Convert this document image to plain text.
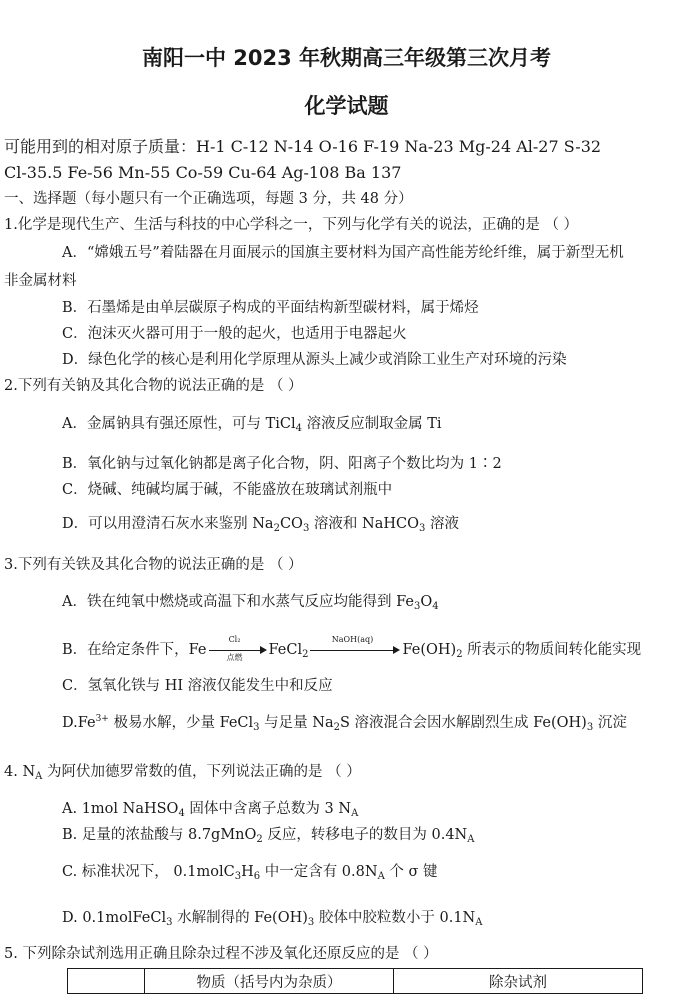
南阳一中 2023 年秋期高三年级第三次月考
化学试题
可能用到的相对原子质量：H-1 C-12 N-14 O-16 F-19 Na-23 Mg-24 Al-27 S-32
Cl-35.5 Fe-56 Mn-55 Co-59 Cu-64 Ag-108 Ba 137
一、选择题（每小题只有一个正确选项，每题 3 分，共 48 分）
1.化学是现代生产、生活与科技的中心学科之一，下列与化学有关的说法，正确的是 （ ）
A．“嫦娥五号”着陆器在月面展示的国旗主要材料为国产高性能芳纶纤维，属于新型无机
非金属材料
B．石墨烯是由单层碳原子构成的平面结构新型碳材料，属于烯烃
C．泡沫灭火器可用于一般的起火，也适用于电器起火
D．绿色化学的核心是利用化学原理从源头上减少或消除工业生产对环境的污染
2.下列有关钠及其化合物的说法正确的是 （ ）
A．金属钠具有强还原性，可与 TiCl$_4$ 溶液反应制取金属 Ti
B．氧化钠与过氧化钠都是离子化合物，阴、阳离子个数比均为 1∶2
C．烧碱、纯碱均属于碱，不能盛放在玻璃试剂瓶中
D．可以用澄清石灰水来鉴别 $Na_2CO_3$ 溶液和 NaHCO$_3$ 溶液
3.下列有关铁及其化合物的说法正确的是 （ ）
A．铁在纯氧中燃烧或高温下和水蒸气反应均能得到 $Fe_3O_4$
B．在给定条件下，Fe
Cl₂
点燃	FeCl$_2$
NaOH(aq)
$Fe(OH)_2$ 所表示的物质间转化能实现
C．氢氧化铁与 HI 溶液仅能发生中和反应
$D.Fe^{3+}$ 极易水解，少量 FeCl$_3$ 与足量 $Na_2S$ 溶液混合会因水解剧烈生成 $Fe(OH)_3$ 沉淀
4. $N_A$ 为阿伏加德罗常数的值，下列说法正确的是 （ ）
A. 1mol NaHSO$_4$ 固体中含离子总数为 3 $N_A$
B. 足量的浓盐酸与 8.7gMnO$_2$ 反应，转移电子的数目为 $0.4N_A$
C. 标准状况下， $0.1molC_3H_6$ 中一定含有 $0.8N_A$ 个 σ 键
D. 0.1molFeCl$_3$ 水解制得的 $Fe(OH)_3$ 胶体中胶粒数小于 $0.1N_A$
5. 下列除杂试剂选用正确且除杂过程不涉及氧化还原反应的是 （ ）
	物质（括号内为杂质）	除杂试剂
